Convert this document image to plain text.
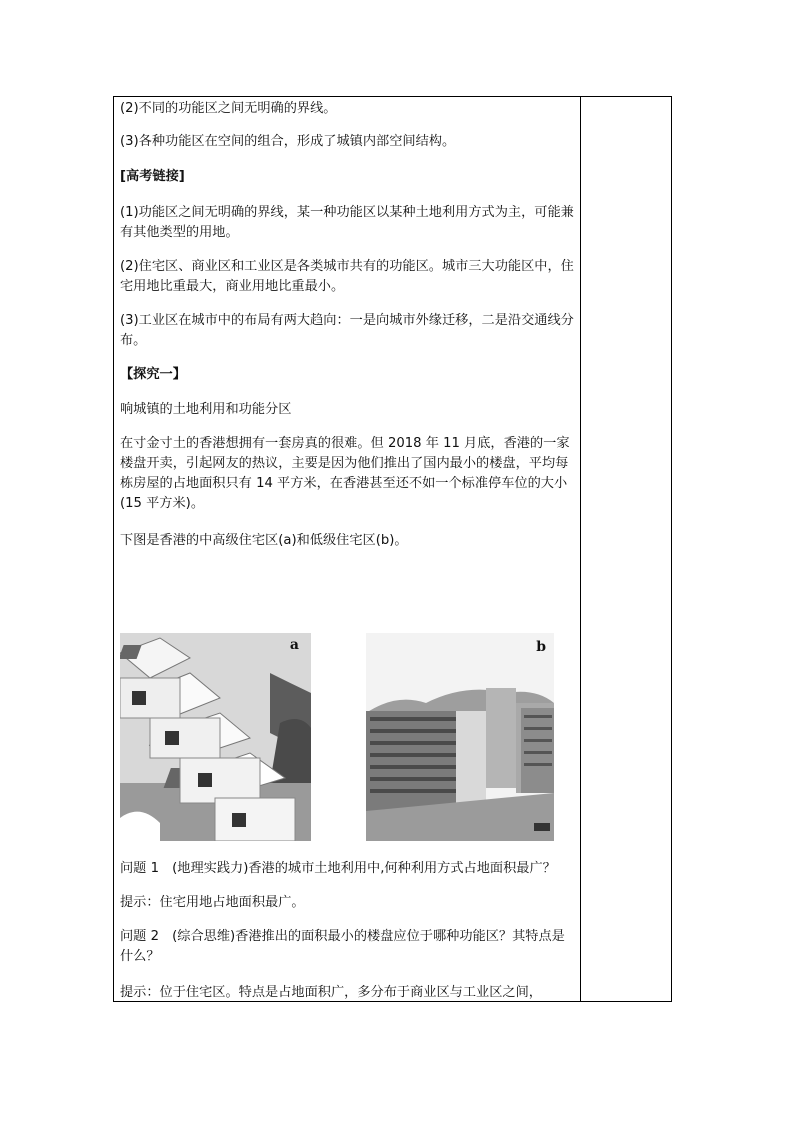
(2)不同的功能区之间无明确的界线。

(3)各种功能区在空间的组合，形成了城镇内部空间结构。

[高考链接]

(1)功能区之间无明确的界线，某一种功能区以某种土地利用方式为主，可能兼有其他类型的用地。

(2)住宅区、商业区和工业区是各类城市共有的功能区。城市三大功能区中，住宅用地比重最大，商业用地比重最小。

(3)工业区在城市中的布局有两大趋向：一是向城市外缘迁移，二是沿交通线分布。

【探究一】

响城镇的土地利用和功能分区

在寸金寸土的香港想拥有一套房真的很难。但 2018 年 11 月底，香港的一家楼盘开卖，引起网友的热议，主要是因为他们推出了国内最小的楼盘，平均每栋房屋的占地面积只有 14 平方米，在香港甚至还不如一个标准停车位的大小(15 平方米)。

下图是香港的中高级住宅区(a)和低级住宅区(b)。

问题 1　(地理实践力)香港的城市土地利用中,何种利用方式占地面积最广？

提示：住宅用地占地面积最广。

问题 2　(综合思维)香港推出的面积最小的楼盘应位于哪种功能区？其特点是什么？

提示：位于住宅区。特点是占地面积广，多分布于商业区与工业区之间，

a	b
